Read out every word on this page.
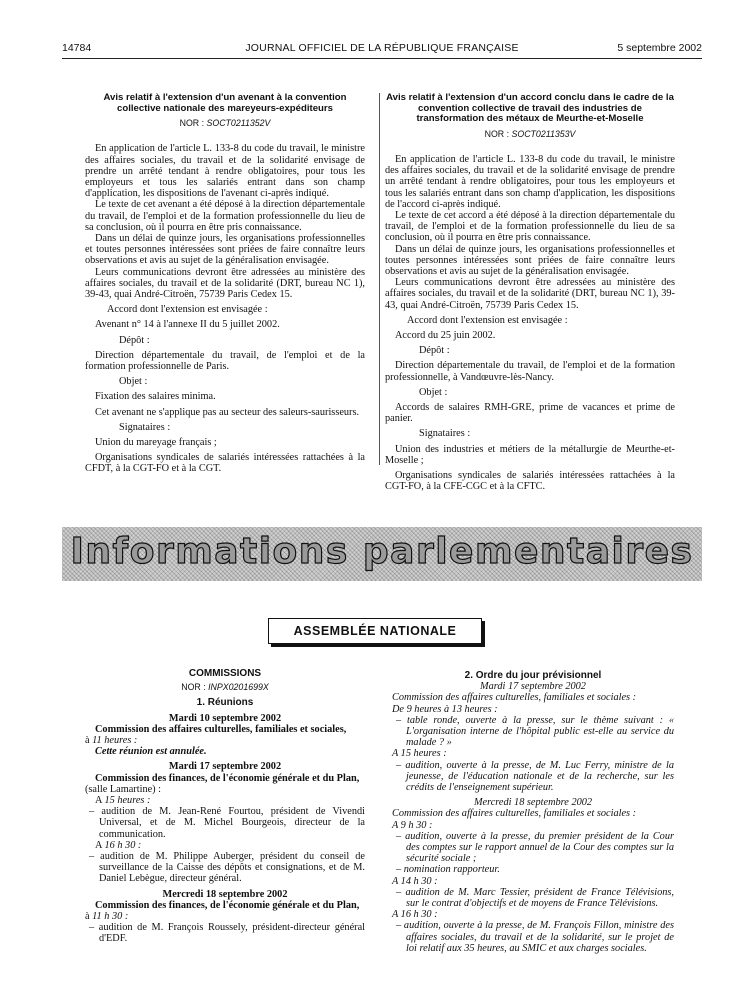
14784	JOURNAL OFFICIEL DE LA RÉPUBLIQUE FRANÇAISE	5 septembre 2002

Avis relatif à l'extension d'un avenant à la convention collective nationale des mareyeurs-expéditeurs

NOR : SOCT0211352V

En application de l'article L. 133-8 du code du travail, le ministre des affaires sociales, du travail et de la solidarité envisage de prendre un arrêté tendant à rendre obligatoires, pour tous les employeurs et tous les salariés entrant dans son champ d'application, les dispositions de l'avenant ci-après indiqué.

Le texte de cet avenant a été déposé à la direction départementale du travail, de l'emploi et de la formation professionnelle du lieu de sa conclusion, où il pourra en être pris connaissance.

Dans un délai de quinze jours, les organisations professionnelles et toutes personnes intéressées sont priées de faire connaître leurs observations et avis au sujet de la généralisation envisagée.

Leurs communications devront être adressées au ministère des affaires sociales, du travail et de la solidarité (DRT, bureau NC 1), 39-43, quai André-Citroën, 75739 Paris Cedex 15.

Accord dont l'extension est envisagée :

Avenant n° 14 à l'annexe II du 5 juillet 2002.

Dépôt :

Direction départementale du travail, de l'emploi et de la formation professionnelle de Paris.

Objet :

Fixation des salaires minima.

Cet avenant ne s'applique pas au secteur des saleurs-saurisseurs.

Signataires :

Union du mareyage français ;

Organisations syndicales de salariés intéressées rattachées à la CFDT, à la CGT-FO et à la CGT.

Avis relatif à l'extension d'un accord conclu dans le cadre de la convention collective de travail des industries de transformation des métaux de Meurthe-et-Moselle

NOR : SOCT0211353V

En application de l'article L. 133-8 du code du travail, le ministre des affaires sociales, du travail et de la solidarité envisage de prendre un arrêté tendant à rendre obligatoires, pour tous les employeurs et tous les salariés entrant dans son champ d'application, les dispositions de l'accord ci-après indiqué.

Le texte de cet accord a été déposé à la direction départementale du travail, de l'emploi et de la formation professionnelle du lieu de sa conclusion, où il pourra en être pris connaissance.

Dans un délai de quinze jours, les organisations professionnelles et toutes personnes intéressées sont priées de faire connaître leurs observations et avis au sujet de la généralisation envisagée.

Leurs communications devront être adressées au ministère des affaires sociales, du travail et de la solidarité (DRT, bureau NC 1), 39-43, quai André-Citroën, 75739 Paris Cedex 15.

Accord dont l'extension est envisagée :

Accord du 25 juin 2002.

Dépôt :

Direction départementale du travail, de l'emploi et de la formation professionnelle, à Vandœuvre-lès-Nancy.

Objet :

Accords de salaires RMH-GRE, prime de vacances et prime de panier.

Signataires :

Union des industries et métiers de la métallurgie de Meurthe-et-Moselle ;

Organisations syndicales de salariés intéressées rattachées à la CGT-FO, à la CFE-CGC et à la CFTC.

Informations parlementaires
ASSEMBLÉE NATIONALE

COMMISSIONS

NOR : INPX0201699X

1. Réunions

Mardi 10 septembre 2002

Commission des affaires culturelles, familiales et sociales,

à 11 heures :

Cette réunion est annulée.

Mardi 17 septembre 2002

Commission des finances, de l'économie générale et du Plan,

(salle Lamartine) :

A 15 heures :

– audition de M. Jean-René Fourtou, président de Vivendi Universal, et de M. Michel Bourgeois, directeur de la communication.

A 16 h 30 :

– audition de M. Philippe Auberger, président du conseil de surveillance de la Caisse des dépôts et consignations, et de M. Daniel Lebègue, directeur général.

Mercredi 18 septembre 2002

Commission des finances, de l'économie générale et du Plan,

à 11 h 30 :

– audition de M. François Roussely, président-directeur général d'EDF.

2. Ordre du jour prévisionnel

Mardi 17 septembre 2002

Commission des affaires culturelles, familiales et sociales :

De 9 heures à 13 heures :

– table ronde, ouverte à la presse, sur le thème suivant : « L'organisation interne de l'hôpital public est-elle au service du malade ? »

A 15 heures :

– audition, ouverte à la presse, de M. Luc Ferry, ministre de la jeunesse, de l'éducation nationale et de la recherche, sur les crédits de l'enseignement supérieur.

Mercredi 18 septembre 2002

Commission des affaires culturelles, familiales et sociales :

A 9 h 30 :

– audition, ouverte à la presse, du premier président de la Cour des comptes sur le rapport annuel de la Cour des comptes sur la sécurité sociale ;

– nomination rapporteur.

A 14 h 30 :

– audition de M. Marc Tessier, président de France Télévisions, sur le contrat d'objectifs et de moyens de France Télévisions.

A 16 h 30 :

– audition, ouverte à la presse, de M. François Fillon, ministre des affaires sociales, du travail et de la solidarité, sur le projet de loi relatif aux 35 heures, au SMIC et aux charges sociales.
